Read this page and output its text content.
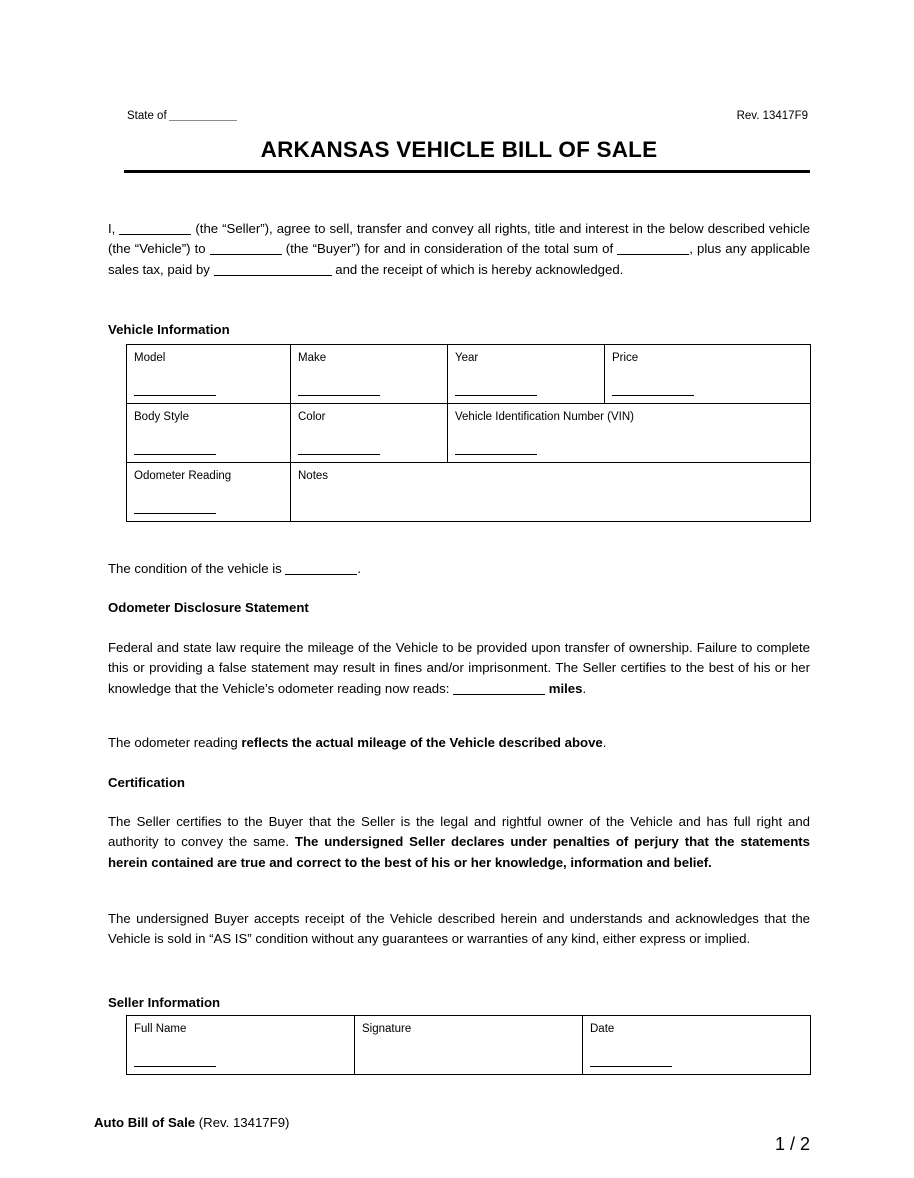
State of	Rev. 13417F9
ARKANSAS VEHICLE BILL OF SALE
I,	(the “Seller”), agree to sell, transfer and convey all rights, title and interest in the below described vehicle (the “Vehicle”) to	(the “Buyer”) for and in consideration of the total sum of	, plus any applicable sales tax, paid by	and the receipt of which is hereby acknowledged.
Vehicle Information
Model	Make	Year	Price

Body Style	Color	Vehicle Identification Number (VIN)	

Odometer Reading	Notes		
The condition of the vehicle is	.
Odometer Disclosure Statement
Federal and state law require the mileage of the Vehicle to be provided upon transfer of ownership. Failure to complete this or providing a false statement may result in fines and/or imprisonment. The Seller certifies to the best of his or her knowledge that the Vehicle’s odometer reading now reads:	miles.
The odometer reading reflects the actual mileage of the Vehicle described above.
Certification
The Seller certifies to the Buyer that the Seller is the legal and rightful owner of the Vehicle and has full right and authority to convey the same. The undersigned Seller declares under penalties of perjury that the statements herein contained are true and correct to the best of his or her knowledge, information and belief.
The undersigned Buyer accepts receipt of the Vehicle described herein and understands and acknowledges that the Vehicle is sold in “AS IS” condition without any guarantees or warranties of any kind, either express or implied.
Seller Information
Full Name	Signature	Date
Auto Bill of Sale (Rev. 13417F9)
1 / 2
